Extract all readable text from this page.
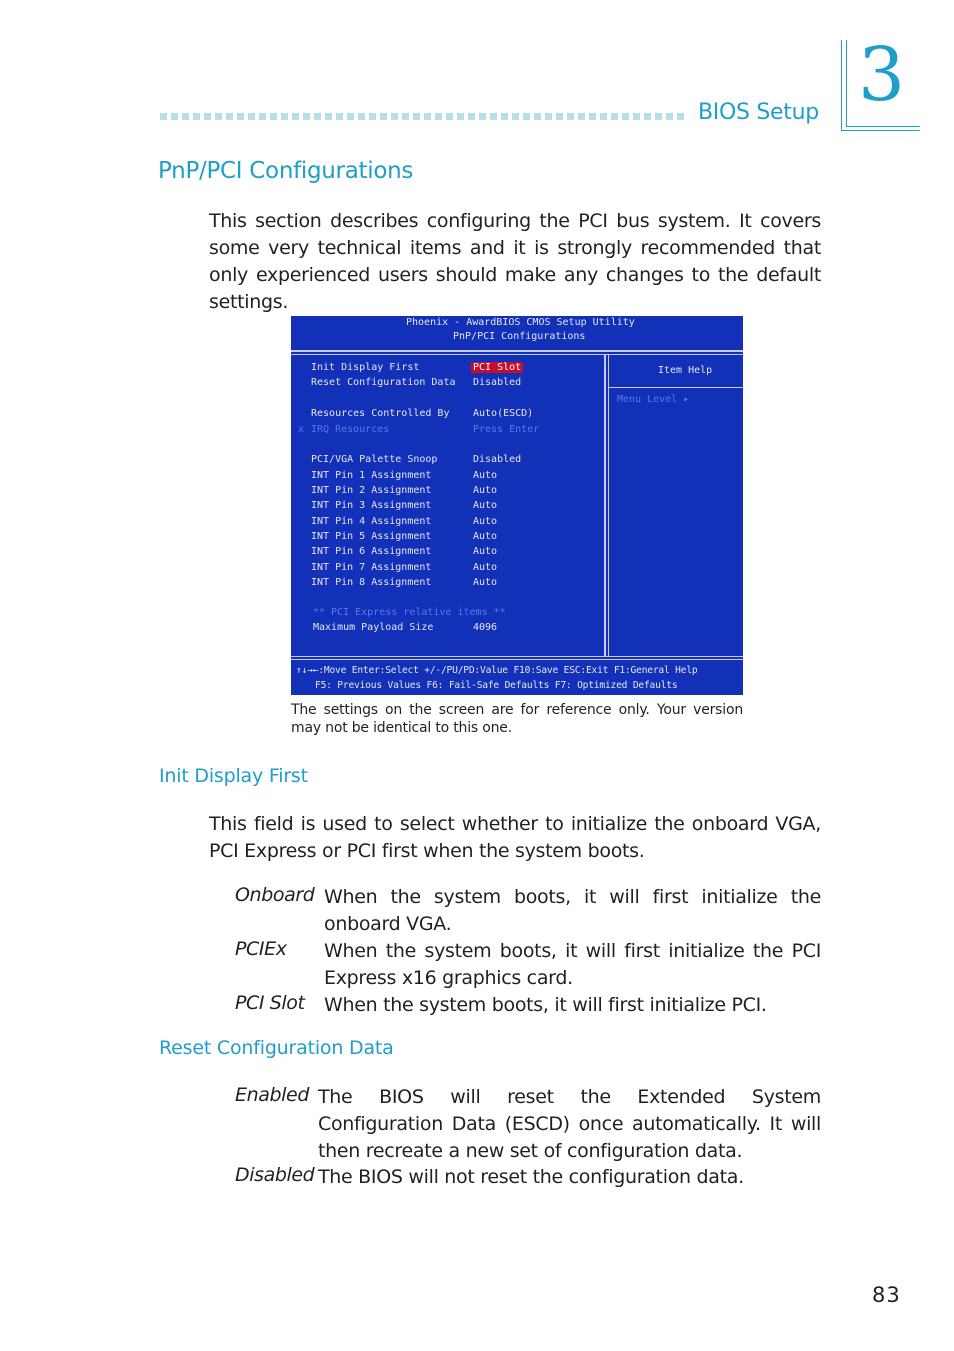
BIOS Setup 3
PnP/PCI Configurations
This section describes configuring the PCI bus system. It covers some very technical items and it is strongly recommended that only experienced users should make any changes to the default settings.
Phoenix - AwardBIOS CMOS Setup Utility
PnP/PCI Configurations
Init Display First	PCI Slot
Reset Configuration Data Disabled
Resources Controlled By Auto(ESCD)
x IRQ Resources	Press Enter
PCI/VGA Palette Snoop	Disabled
INT Pin 1 Assignment	Auto
INT Pin 2 Assignment	Auto
INT Pin 3 Assignment	Auto
INT Pin 4 Assignment	Auto
INT Pin 5 Assignment	Auto
INT Pin 6 Assignment	Auto
INT Pin 7 Assignment	Auto
INT Pin 8 Assignment	Auto
** PCI Express relative items **
Maximum Payload Size	4096
Item Help
Menu Level ▸
↑↓→←:Move Enter:Select +/-/PU/PD:Value F10:Save ESC:Exit F1:General Help
F5: Previous Values F6: Fail-Safe Defaults F7: Optimized Defaults
The settings on the screen are for reference only. Your version may not be identical to this one.
Init Display First
This field is used to select whether to initialize the onboard VGA, PCI Express or PCI first when the system boots.
Onboard When the system boots, it will first initialize the onboard VGA.
PCIEx When the system boots, it will first initialize the PCI Express x16 graphics card.
PCI Slot When the system boots, it will first initialize PCI.
Reset Configuration Data
Enabled The BIOS will reset the Extended System Configuration Data (ESCD) once automatically. It will then recreate a new set of configuration data.
Disabled The BIOS will not reset the configuration data.
83
